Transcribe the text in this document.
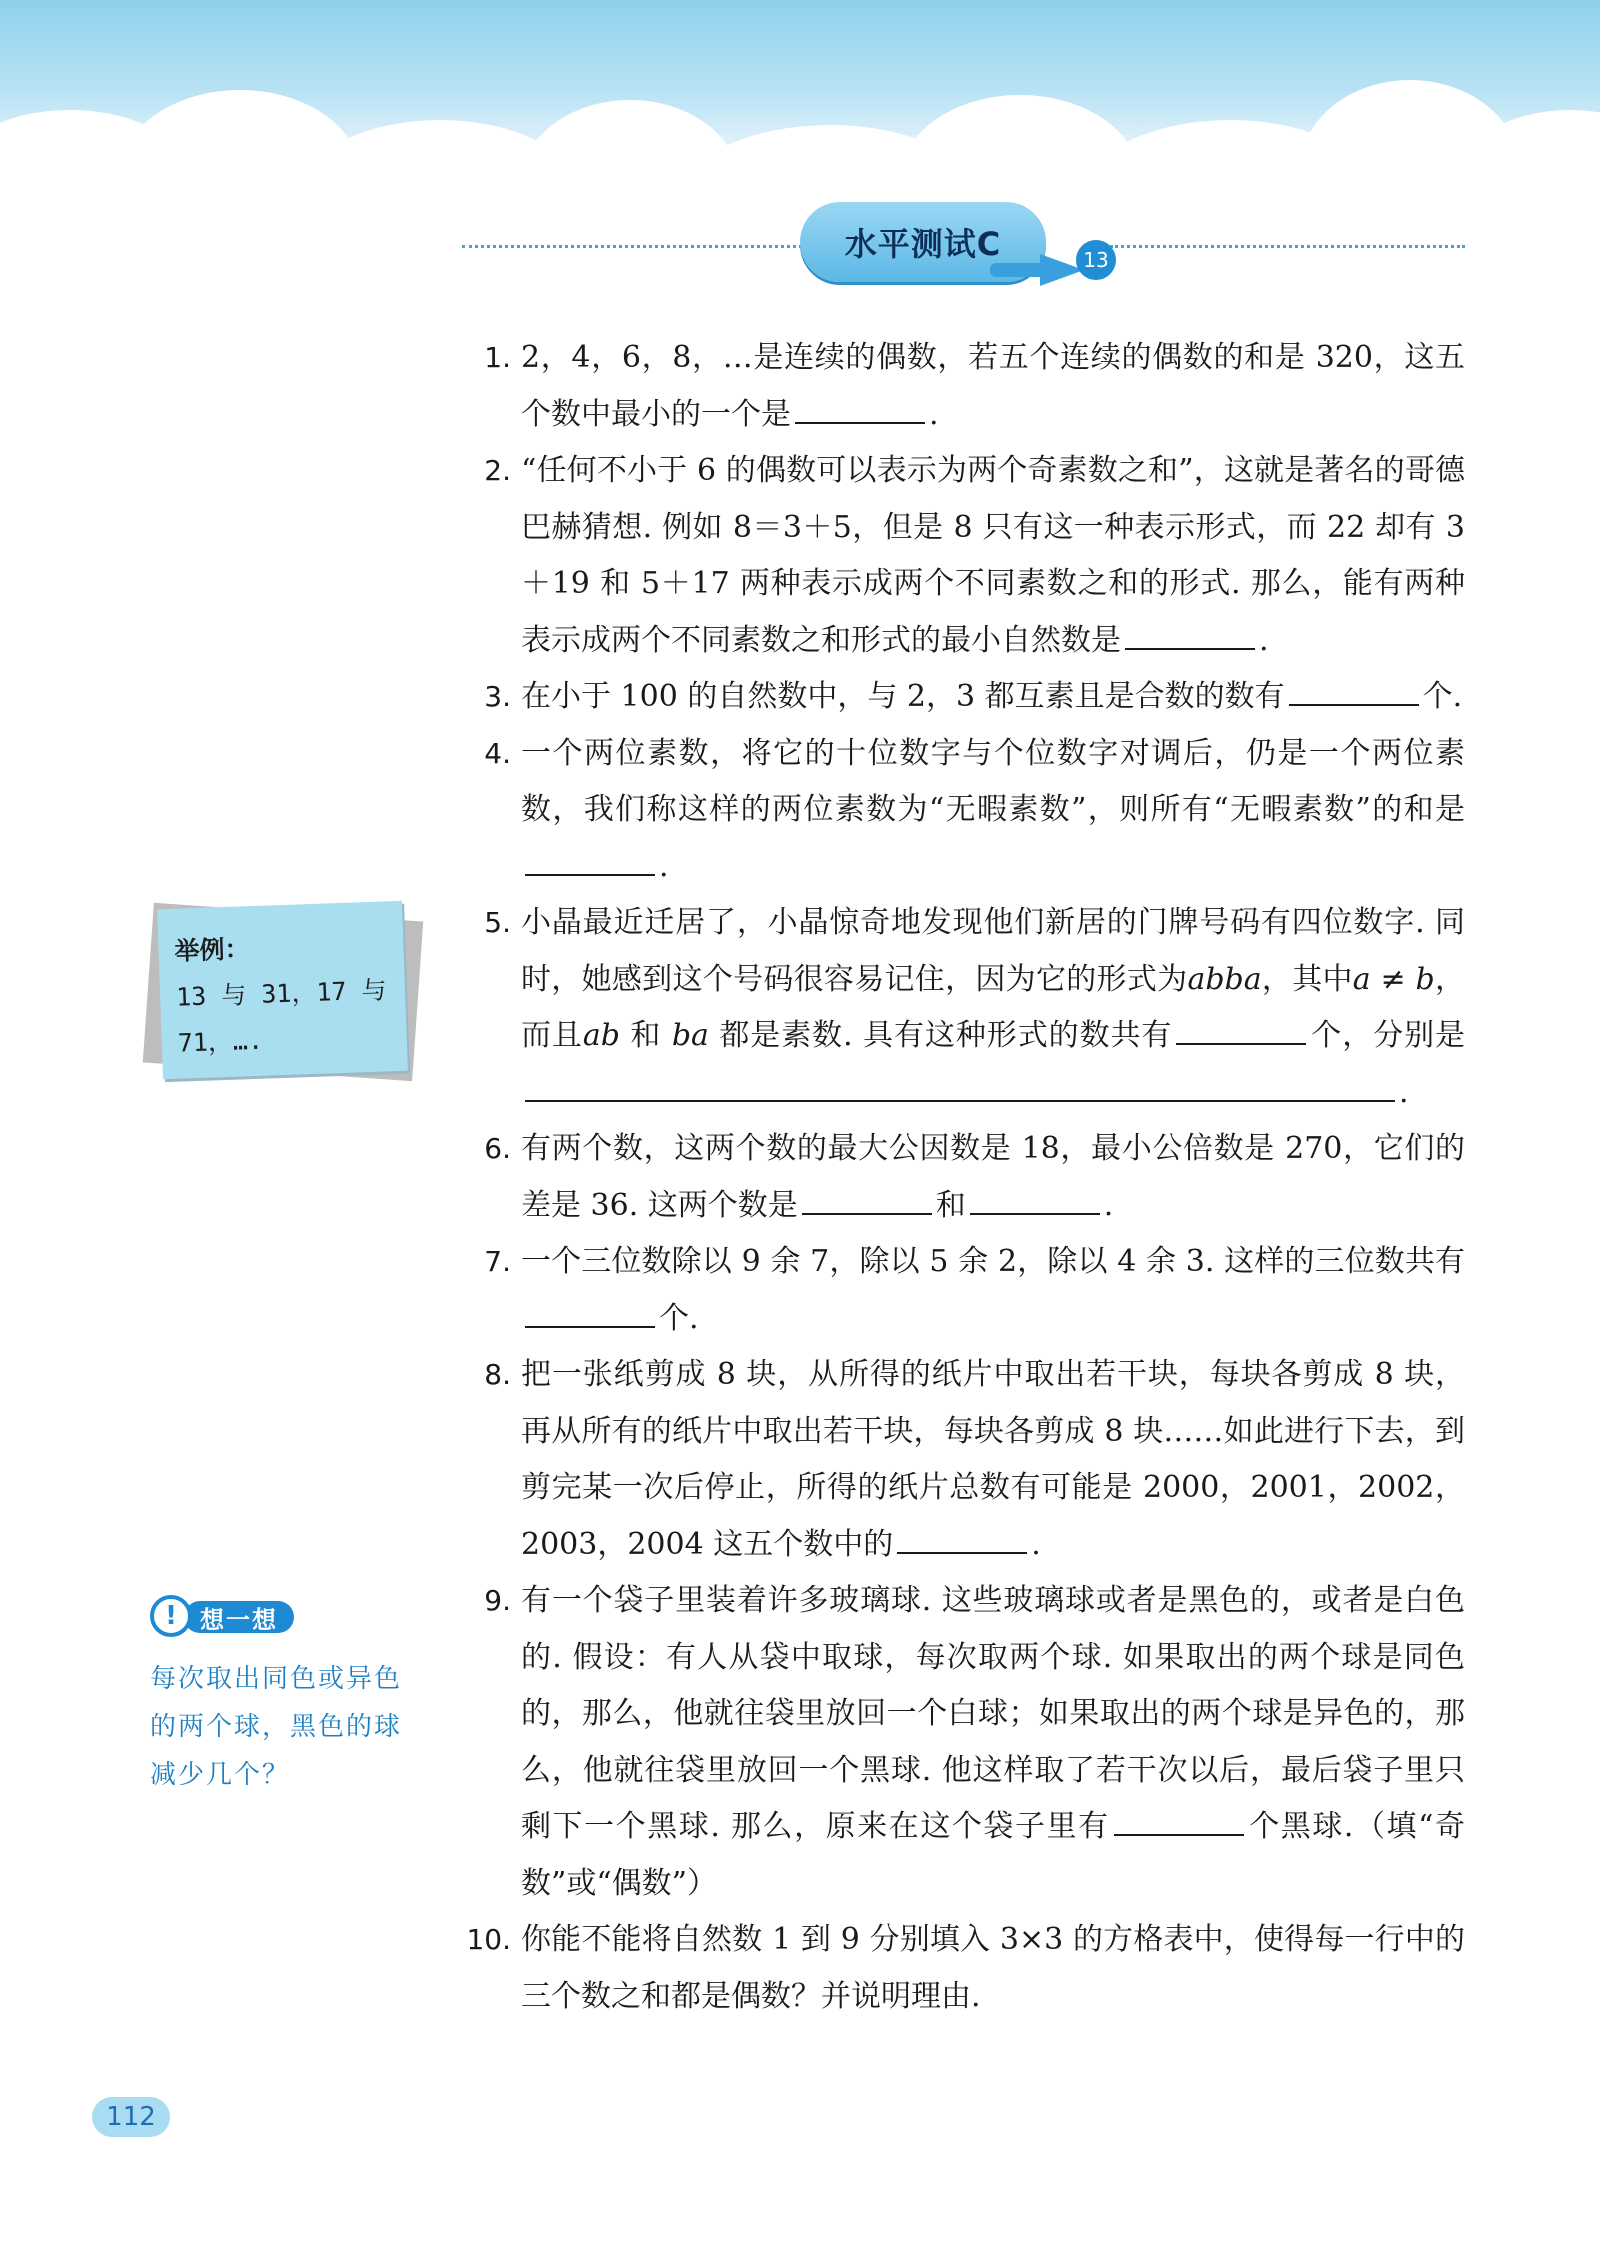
水平测试C	13
1. 2，4，6，8，…是连续的偶数，若五个连续的偶数的和是 320，这五个数中最小的一个是	.
2. “任何不小于 6 的偶数可以表示为两个奇素数之和”，这就是著名的哥德巴赫猜想. 例如 8＝3＋5，但是 8 只有这一种表示形式，而 22 却有 3＋19 和 5＋17 两种表示成两个不同素数之和的形式. 那么，能有两种表示成两个不同素数之和形式的最小自然数是	.
3. 在小于 100 的自然数中，与 2，3 都互素且是合数的数有	个.
4. 一个两位素数，将它的十位数字与个位数字对调后，仍是一个两位素数，我们称这样的两位素数为“无暇素数”，则所有“无暇素数”的和是.
5. 小晶最近迁居了，小晶惊奇地发现他们新居的门牌号码有四位数字. 同时，她感到这个号码很容易记住，因为它的形式为abba，其中a ≠ b，而且ab 和 ba 都是素数. 具有这种形式的数共有	个，分别是.
6. 有两个数，这两个数的最大公因数是 18，最小公倍数是 270，它们的差是 36. 这两个数是	和	.
7. 一个三位数除以 9 余 7，除以 5 余 2，除以 4 余 3. 这样的三位数共有个.
8. 把一张纸剪成 8 块，从所得的纸片中取出若干块，每块各剪成 8 块，再从所有的纸片中取出若干块，每块各剪成 8 块……如此进行下去，到剪完某一次后停止，所得的纸片总数有可能是 2000，2001，2002，2003，2004 这五个数中的	.
9. 有一个袋子里装着许多玻璃球. 这些玻璃球或者是黑色的，或者是白色的. 假设：有人从袋中取球，每次取两个球. 如果取出的两个球是同色的，那么，他就往袋里放回一个白球；如果取出的两个球是异色的，那么，他就往袋里放回一个黑球. 他这样取了若干次以后，最后袋子里只剩下一个黑球. 那么，原来在这个袋子里有	个黑球.（填“奇数”或“偶数”）
10. 你能不能将自然数 1 到 9 分别填入 3×3 的方格表中，使得每一行中的三个数之和都是偶数？并说明理由.
举例：
13 与 31，17 与
71，….
想一想
!
每次取出同色或异色的两个球，黑色的球减少几个？
112
